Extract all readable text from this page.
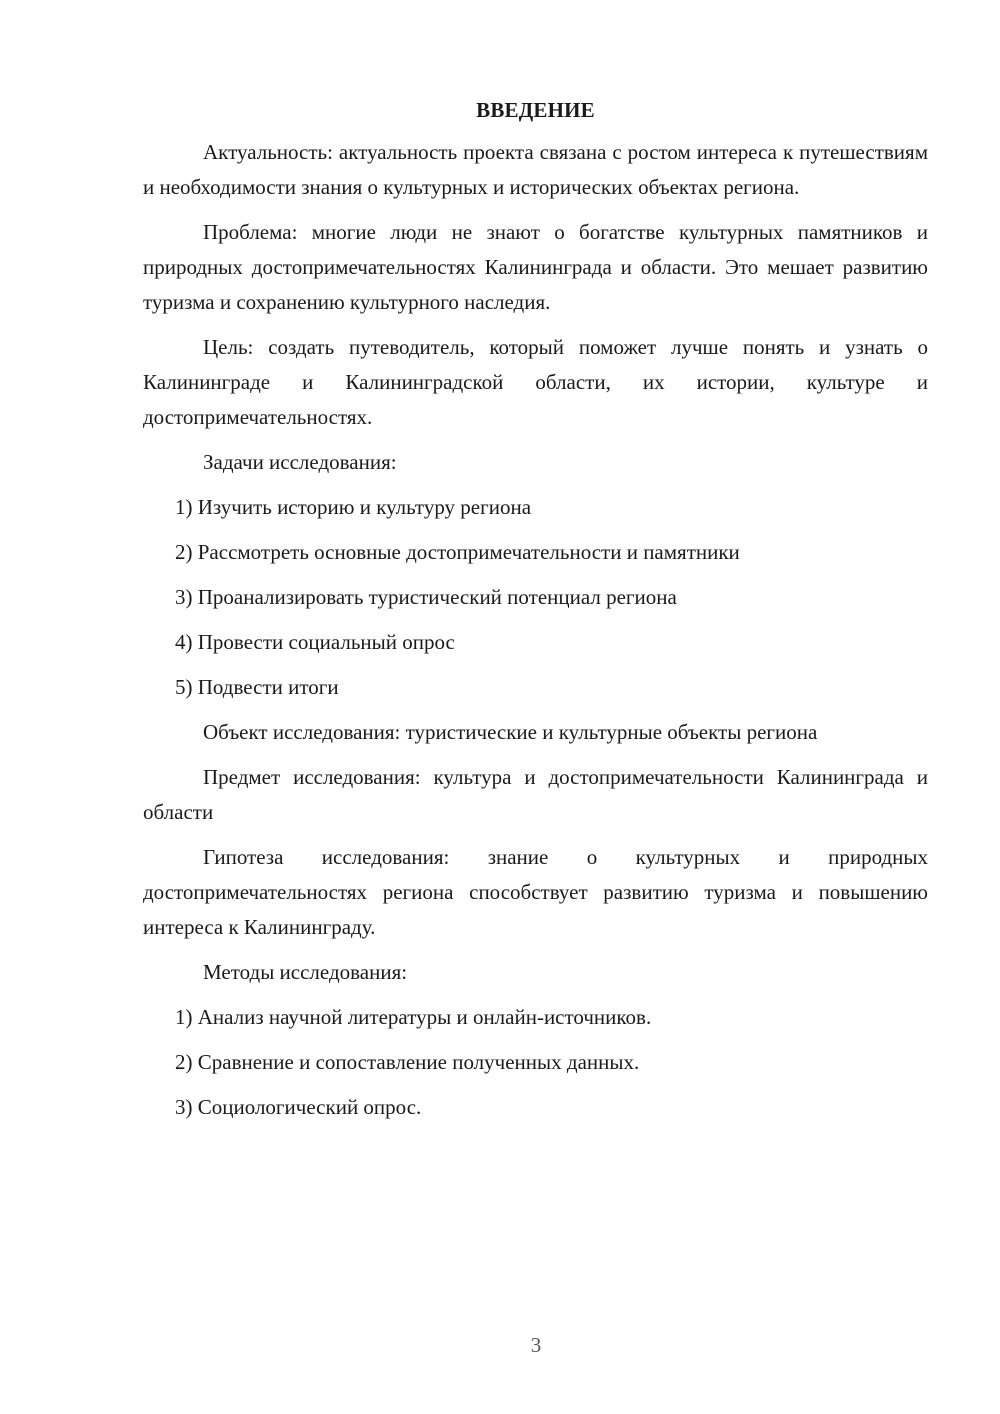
ВВЕДЕНИЕ

Актуальность: актуальность проекта связана с ростом интереса к путешествиям и необходимости знания о культурных и исторических объектах региона.

Проблема: многие люди не знают о богатстве культурных памятников и природных достопримечательностях Калининграда и области. Это мешает развитию туризма и сохранению культурного наследия.

Цель: создать путеводитель, который поможет лучше понять и узнать о Калининграде и Калининградской области, их истории, культуре и достопримечательностях.

Задачи исследования:

1) Изучить историю и культуру региона
2) Рассмотреть основные достопримечательности и памятники
3) Проанализировать туристический потенциал региона
4) Провести социальный опрос
5) Подвести итоги

Объект исследования: туристические и культурные объекты региона

Предмет исследования: культура и достопримечательности Калининграда и области

Гипотеза исследования: знание о культурных и природных достопримечательностях региона способствует развитию туризма и повышению интереса к Калининграду.

Методы исследования:

1) Анализ научной литературы и онлайн-источников.
2) Сравнение и сопоставление полученных данных.
3) Социологический опрос.
3
